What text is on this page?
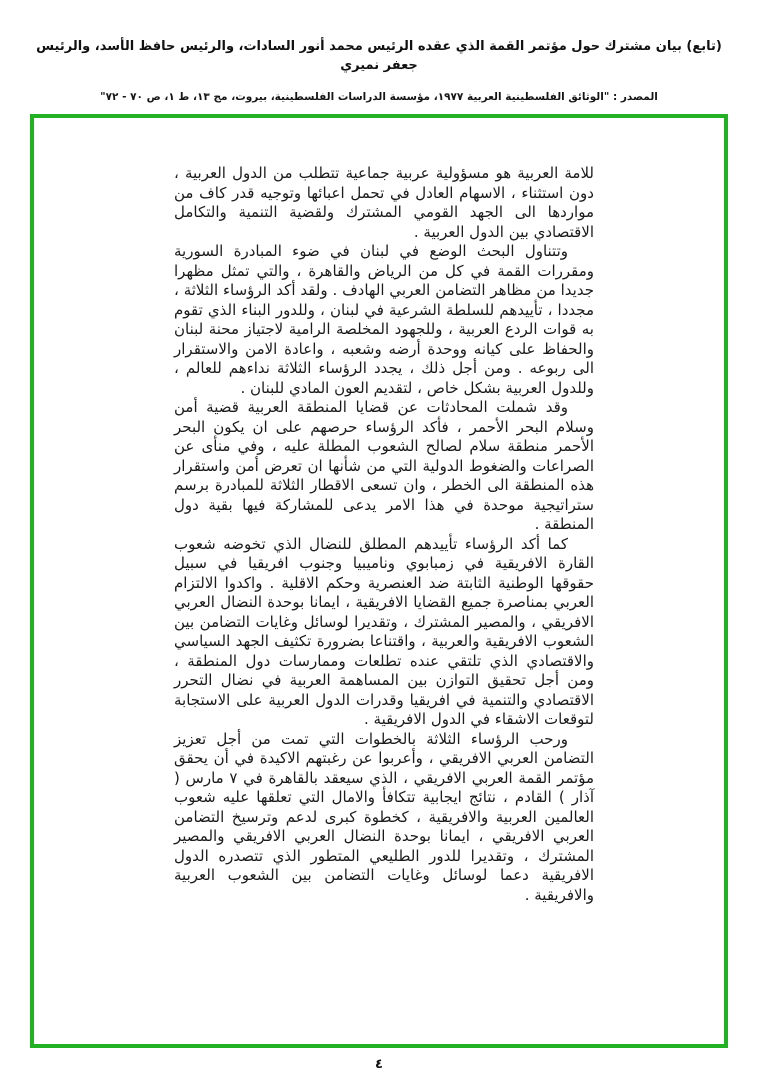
(تابع) بيان مشترك حول مؤتمر القمة الذي عقده الرئيس محمد أنور السادات، والرئيس حافظ الأسد، والرئيس جعفر نميري
المصدر : "الوثائق الفلسطينية العربية ١٩٧٧، مؤسسة الدراسات الفلسطينية، بيروت، مج ١٣، ط ١، ص ٧٠ - ٧٢"

للامة العربية هو مسؤولية عربية جماعية تتطلب من الدول العربية ، دون استثناء ، الاسهام العادل في تحمل اعبائها وتوجيه قدر كاف من مواردها الى الجهد القومي المشترك ولقضية التنمية والتكامل الاقتصادي بين الدول العربية .

وتتناول البحث الوضع في لبنان في ضوء المبادرة السورية ومقررات القمة في كل من الرياض والقاهرة ، والتي تمثل مظهرا جديدا من مظاهر التضامن العربي الهادف . ولقد أكد الرؤساء الثلاثة ، مجددا ، تأييدهم للسلطة الشرعية في لبنان ، وللدور البناء الذي تقوم به قوات الردع العربية ، وللجهود المخلصة الرامية لاجتياز محنة لبنان والحفاظ على كيانه ووحدة أرضه وشعبه ، واعادة الامن والاستقرار الى ربوعه . ومن أجل ذلك ، يجدد الرؤساء الثلاثة نداءهم للعالم ، وللدول العربية بشكل خاص ، لتقديم العون المادي للبنان .

وقد شملت المحادثات عن قضايا المنطقة العربية قضية أمن وسلام البحر الأحمر ، فأكد الرؤساء حرصهم على ان يكون البحر الأحمر منطقة سلام لصالح الشعوب المطلة عليه ، وفي منأى عن الصراعات والضغوط الدولية التي من شأنها ان تعرض أمن واستقرار هذه المنطقة الى الخطر ، وان تسعى الاقطار الثلاثة للمبادرة برسم ستراتيجية موحدة في هذا الامر يدعى للمشاركة فيها بقية دول المنطقة .

كما أكد الرؤساء تأييدهم المطلق للنضال الذي تخوضه شعوب القارة الافريقية في زمبابوي وناميبيا وجنوب افريقيا في سبيل حقوقها الوطنية الثابتة ضد العنصرية وحكم الاقلية . واكدوا الالتزام العربي بمناصرة جميع القضايا الافريقية ، ايمانا بوحدة النضال العربي الافريقي ، والمصير المشترك ، وتقديرا لوسائل وغايات التضامن بين الشعوب الافريقية والعربية ، واقتناعا بضرورة تكثيف الجهد السياسي والاقتصادي الذي تلتقي عنده تطلعات وممارسات دول المنطقة ، ومن أجل تحقيق التوازن بين المساهمة العربية في نضال التحرر الاقتصادي والتنمية في افريقيا وقدرات الدول العربية على الاستجابة لتوقعات الاشقاء في الدول الافريقية .

ورحب الرؤساء الثلاثة بالخطوات التي تمت من أجل تعزيز التضامن العربي الافريقي ، وأعربوا عن رغبتهم الاكيدة في أن يحقق مؤتمر القمة العربي الافريقي ، الذي سيعقد بالقاهرة في ٧ مارس ( آذار ) القادم ، نتائج ايجابية تتكافأ والامال التي تعلقها عليه شعوب العالمين العربية والافريقية ، كخطوة كبرى لدعم وترسيخ التضامن العربي الافريقي ، ايمانا بوحدة النضال العربي الافريقي والمصير المشترك ، وتقديرا للدور الطليعي المتطور الذي تتصدره الدول الافريقية دعما لوسائل وغايات التضامن بين الشعوب العربية والافريقية .

٤
